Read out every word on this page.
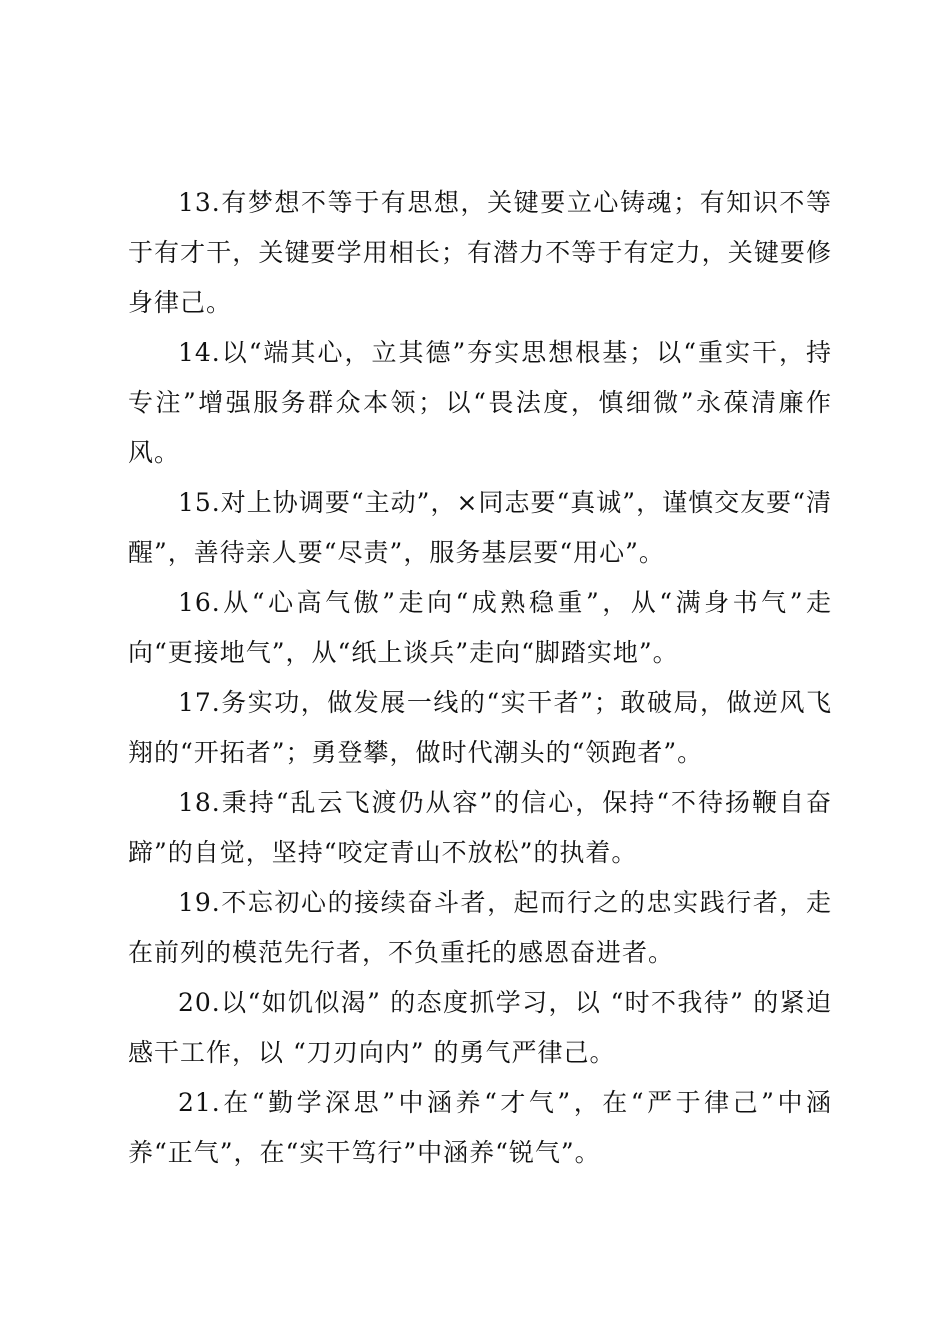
13.有梦想不等于有思想，关键要立心铸魂；有知识不等于有才干，关键要学用相长；有潜力不等于有定力，关键要修身律己。

14.以“端其心，立其德”夯实思想根基；以“重实干，持专注”增强服务群众本领；以“畏法度，慎细微”永葆清廉作风。

15.对上协调要“主动”，×同志要“真诚”，谨慎交友要“清醒”，善待亲人要“尽责”，服务基层要“用心”。

16.从“心高气傲”走向“成熟稳重”，从“满身书气”走向“更接地气”，从“纸上谈兵”走向“脚踏实地”。

17.务实功，做发展一线的“实干者”；敢破局，做逆风飞翔的“开拓者”；勇登攀，做时代潮头的“领跑者”。

18.秉持“乱云飞渡仍从容”的信心，保持“不待扬鞭自奋蹄”的自觉，坚持“咬定青山不放松”的执着。

19.不忘初心的接续奋斗者，起而行之的忠实践行者，走在前列的模范先行者，不负重托的感恩奋进者。

20.以“如饥似渴” 的态度抓学习，以 “时不我待” 的紧迫感干工作，以 “刀刃向内” 的勇气严律己。

21.在“勤学深思”中涵养“才气”，在“严于律己”中涵养“正气”，在“实干笃行”中涵养“锐气”。
